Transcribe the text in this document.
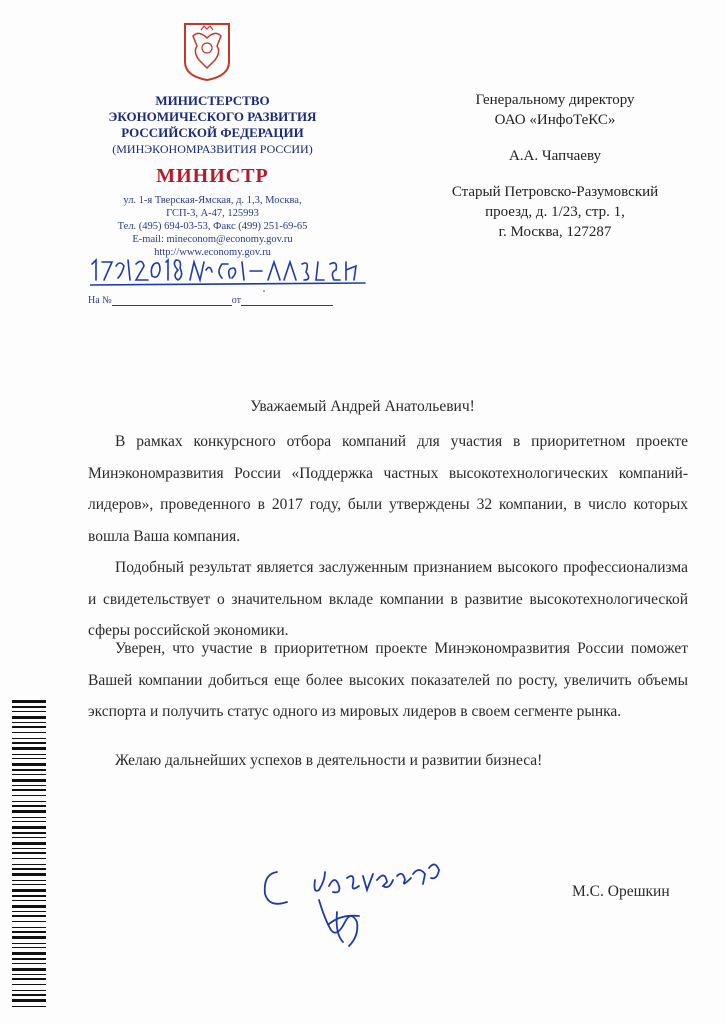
МИНИСТЕРСТВО
ЭКОНОМИЧЕСКОГО РАЗВИТИЯ
РОССИЙСКОЙ ФЕДЕРАЦИИ
(МИНЭКОНОМРАЗВИТИЯ РОССИИ)
МИНИСТР
ул. 1-я Тверская-Ямская, д. 1,3, Москва,
ГСП-3, А-47, 125993
Тел. (495) 694-03-53, Факс (499) 251-69-65
E-mail: mineconom@economy.gov.ru
http://www.economy.gov.ru
17.01.2018 № 601-ЛО1/БОЧ
На №	от
Генеральному директору
ОАО «ИнфоТеКС»
А.А. Чапчаеву
Старый Петровско-Разумовский
проезд, д. 1/23, стр. 1,
г. Москва, 127287
Уважаемый Андрей Анатольевич!

В рамках конкурсного отбора компаний для участия в приоритетном проекте Минэкономразвития России «Поддержка частных высокотехнологических компаний-лидеров», проведенного в 2017 году, были утверждены 32 компании, в число которых вошла Ваша компания.

Подобный результат является заслуженным признанием высокого профессионализма и свидетельствует о значительном вкладе компании в развитие высокотехнологической сферы российской экономики.

Уверен, что участие в приоритетном проекте Минэкономразвития России поможет Вашей компании добиться еще более высоких показателей по росту, увеличить объемы экспорта и получить статус одного из мировых лидеров в своем сегменте рынка.

Желаю дальнейших успехов в деятельности и развитии бизнеса!
С уважением,
М.С. Орешкин
